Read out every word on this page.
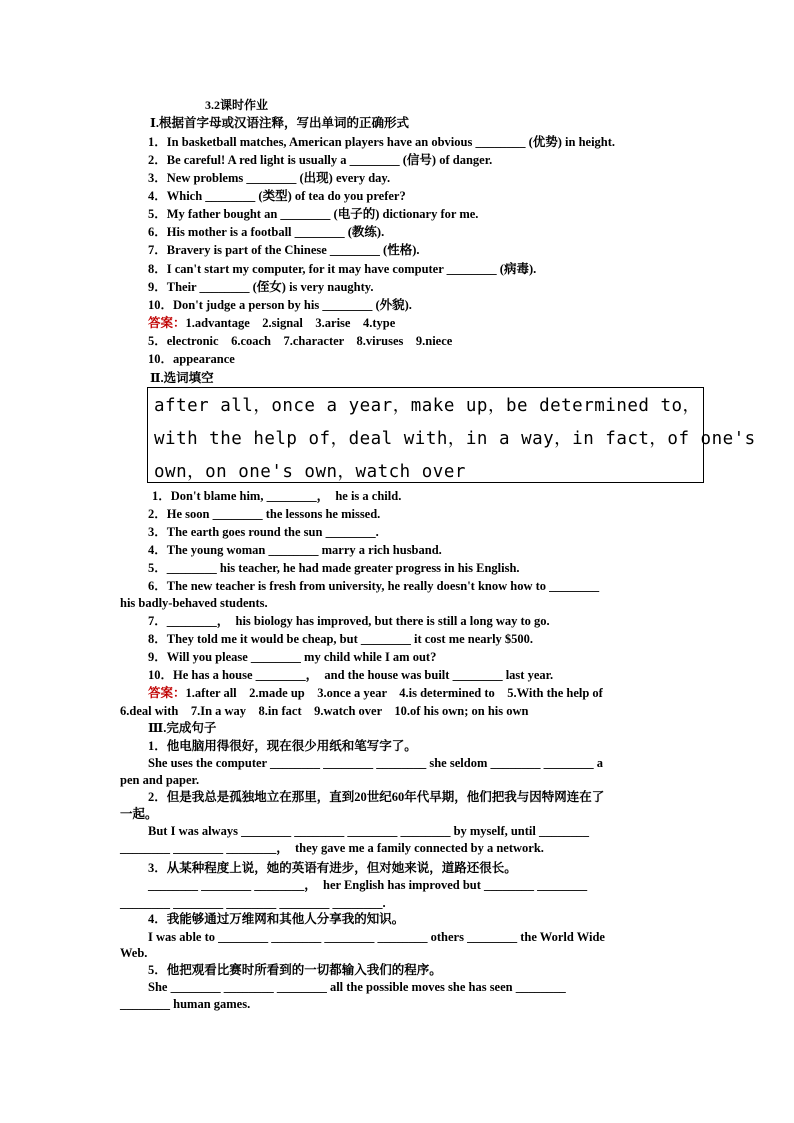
3.2课时作业
Ⅰ.根据首字母或汉语注释，写出单词的正确形式
1．In basketball matches, American players have an obvious ________ (优势) in height.
2．Be careful! A red light is usually a ________ (信号) of danger.
3．New problems ________ (出现) every day.
4．Which ________ (类型) of tea do you prefer?
5．My father bought an ________ (电子的) dictionary for me.
6．His mother is a football ________ (教练).
7．Bravery is part of the Chinese ________ (性格).
8．I can't start my computer, for it may have computer ________ (病毒).
9．Their ________ (侄女) is very naughty.
10．Don't judge a person by his ________ (外貌).
答案：1.advantage　2.signal　3.arise　4.type
5．electronic　6.coach　7.character　8.viruses　9.niece
10．appearance
Ⅱ.选词填空
after all，once a year，make up，be determined to，
with the help of，deal with，in a way，in fact，of one's
own，on one's own，watch over
1．Don't blame him, ________，  he is a child.
2．He soon ________ the lessons he missed.
3．The earth goes round the sun ________.
4．The young woman ________ marry a rich husband.
5．________ his teacher, he had made greater progress in his English.
6．The new teacher is fresh from university, he really doesn't know how to ________
his badly-behaved students.
7．________，  his biology has improved, but there is still a long way to go.
8．They told me it would be cheap, but ________ it cost me nearly $500.
9．Will you please ________ my child while I am out?
10．He has a house ________，  and the house was built ________ last year.
答案：1.after all　2.made up　3.once a year　4.is determined to　5.With the help of
6.deal with　7.In a way　8.in fact　9.watch over　10.of his own; on his own
Ⅲ.完成句子
1．他电脑用得很好，现在很少用纸和笔写字了。
She uses the computer ________ ________ ________ she seldom ________ ________ a
pen and paper.
2．但是我总是孤独地立在那里，直到20世纪60年代早期，他们把我与因特网连在了
一起。
But I was always ________ ________ ________ ________ by myself, until ________
________ ________ ________，  they gave me a family connected by a network.
3．从某种程度上说，她的英语有进步，但对她来说，道路还很长。
________ ________ ________，  her English has improved but ________ ________
________ ________ ________ ________ ________.
4．我能够通过万维网和其他人分享我的知识。
I was able to ________ ________ ________ ________ others ________ the World Wide
Web.
5．他把观看比赛时所看到的一切都输入我们的程序。
She ________ ________ ________ all the possible moves she has seen ________
________ human games.
